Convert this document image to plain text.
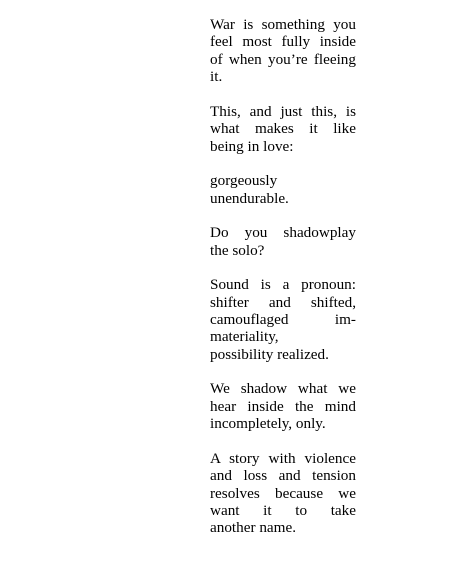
War is something you
feel most fully inside
of when you’re fleeing
it.

This, and just this, is
what makes it like
being in love:

gorgeously
unendurable.

Do you shadowplay
the solo?

Sound is a pronoun:
shifter and shifted,
camouflaged im-
materiality,
possibility realized.

We shadow what we
hear inside the mind
incompletely, only.

A story with violence
and loss and tension
resolves because we
want it to take
another name.
